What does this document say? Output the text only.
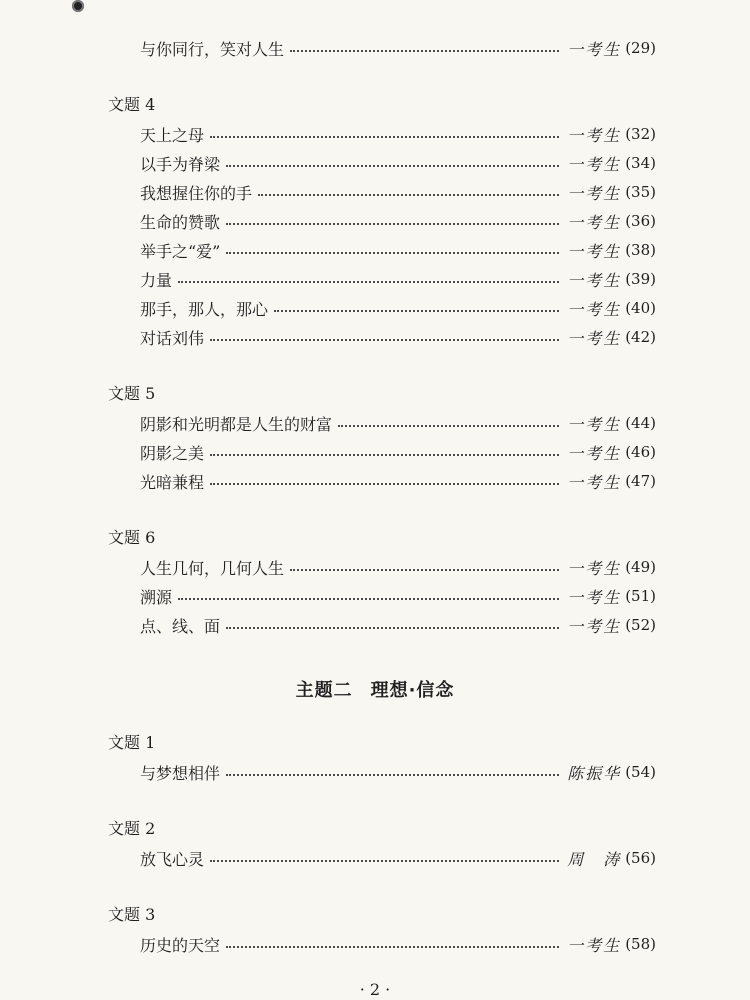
与你同行，笑对人生	一考生 (29)
文题 4
天上之母	一考生 (32)
以手为脊梁	一考生 (34)
我想握住你的手	一考生 (35)
生命的赞歌	一考生 (36)
举手之“爱”	一考生 (38)
力量	一考生 (39)
那手，那人，那心	一考生 (40)
对话刘伟	一考生 (42)
文题 5
阴影和光明都是人生的财富	一考生 (44)
阴影之美	一考生 (46)
光暗兼程	一考生 (47)
文题 6
人生几何，几何人生	一考生 (49)
溯源	一考生 (51)
点、线、面	一考生 (52)
主题二 理想·信念
文题 1
与梦想相伴	陈振华 (54)
文题 2
放飞心灵	周　涛 (56)
文题 3
历史的天空	一考生 (58)
· 2 ·
